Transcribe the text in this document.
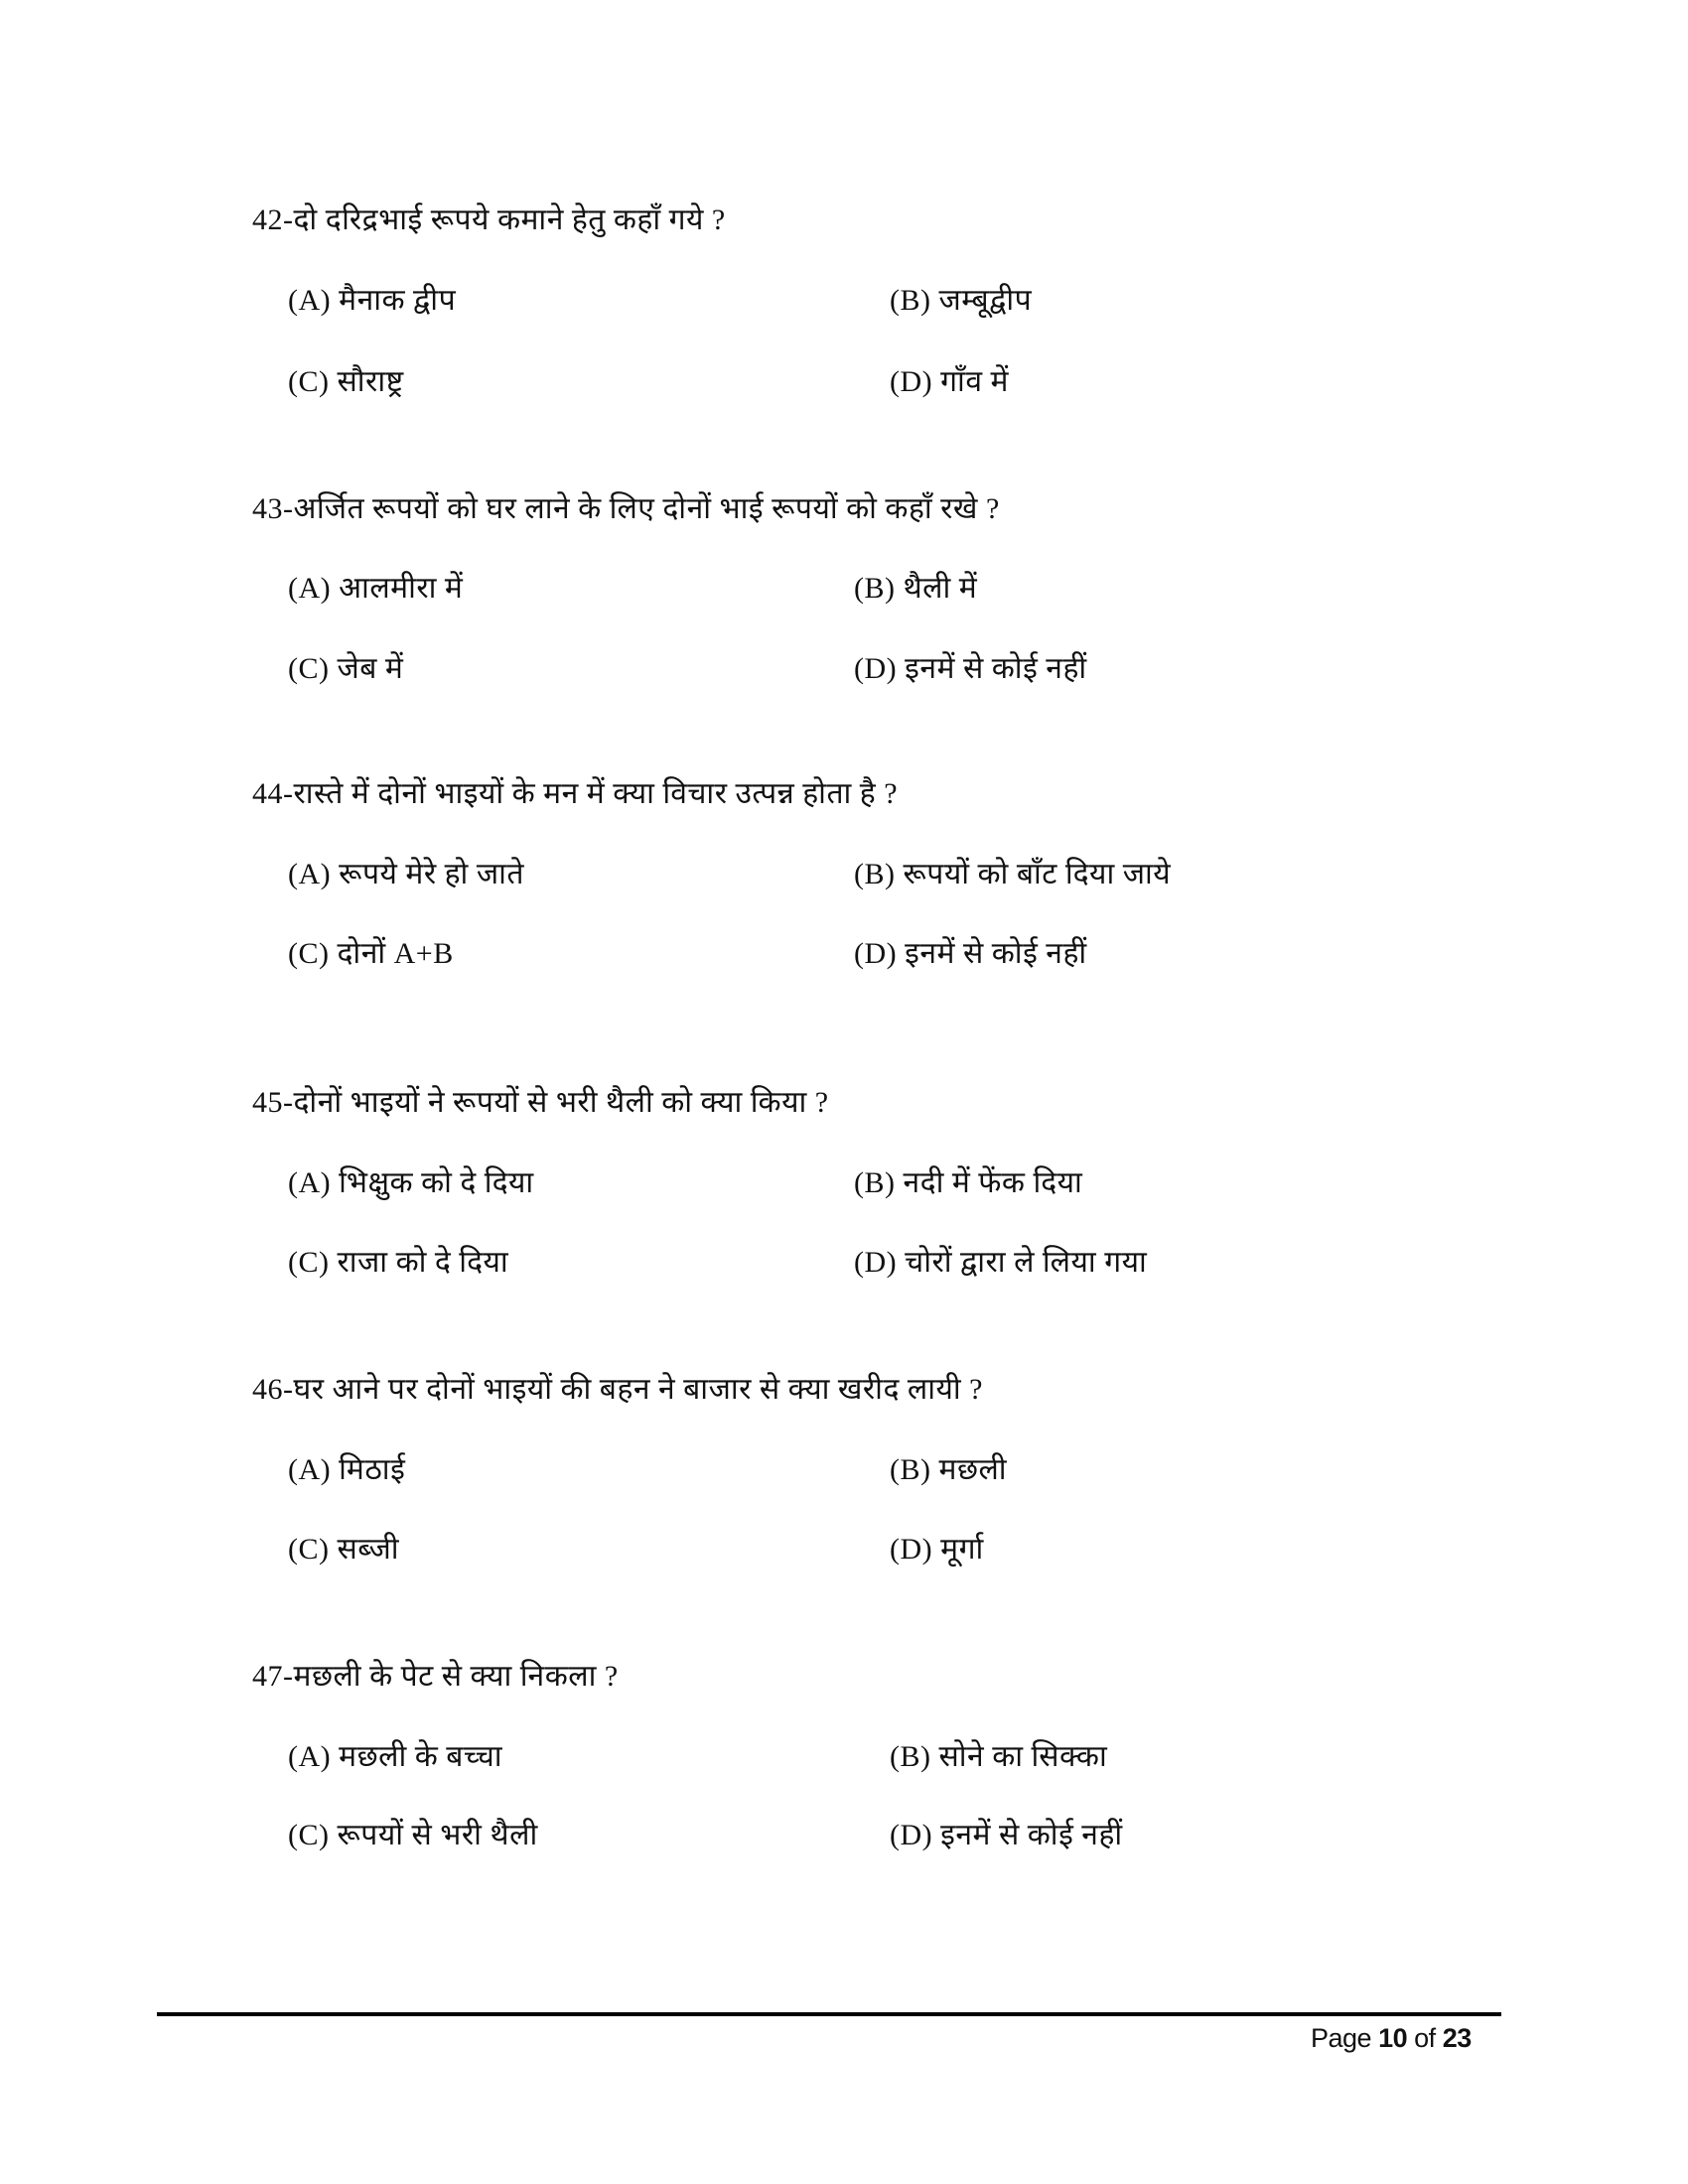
42-दो दरिद्रभाई रूपये कमाने हेतु कहाँ गये ?
(A) मैनाक द्वीप	(B) जम्बूद्वीप
(C) सौराष्ट्र	(D) गाँव में
43-अर्जित रूपयों को घर लाने के लिए दोनों भाई रूपयों को कहाँ रखे ?
(A) आलमीरा में	(B) थैली में
(C) जेब में	(D) इनमें से कोई नहीं
44-रास्ते में दोनों भाइयों के मन में क्या विचार उत्पन्न होता है ?
(A) रूपये मेरे हो जाते	(B) रूपयों को बाँट दिया जाये
(C) दोनों A+B	(D) इनमें से कोई नहीं
45-दोनों भाइयों ने रूपयों से भरी थैली को क्या किया ?
(A) भिक्षुक को दे दिया	(B) नदी में फेंक दिया
(C) राजा को दे दिया	(D) चोरों द्वारा ले लिया गया
46-घर आने पर दोनों भाइयों की बहन ने बाजार से क्या खरीद लायी ?
(A) मिठाई	(B) मछली
(C) सब्जी	(D) मूर्गा
47-मछली के पेट से क्या निकला ?
(A) मछली के बच्चा	(B) सोने का सिक्का
(C) रूपयों से भरी थैली	(D) इनमें से कोई नहीं
Page 10 of 23
